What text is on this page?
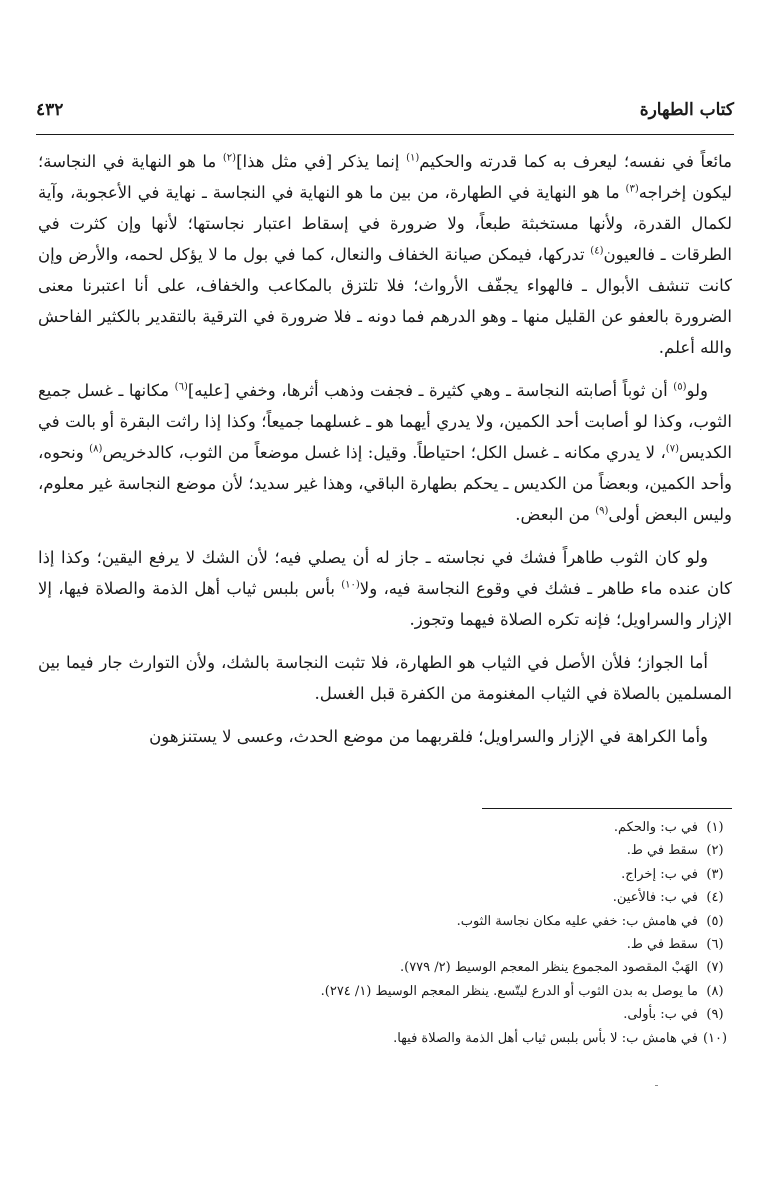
كتاب الطهارة
٤٣٢

مائعاً في نفسه؛ ليعرف به كما قدرته والحكيم$^{(١)}$ إنما يذكر [في مثل هذا]$^{(٢)}$ ما هو النهاية في النجاسة؛ ليكون إخراجه$^{(٣)}$ ما هو النهاية في الطهارة، من بين ما هو النهاية في النجاسة ـ نهاية في الأعجوبة، وآية لكمال القدرة، ولأنها مستخبثة طبعاً، ولا ضرورة في إسقاط اعتبار نجاستها؛ لأنها وإن كثرت في الطرقات ـ فالعيون$^{(٤)}$ تدركها، فيمكن صيانة الخفاف والنعال، كما في بول ما لا يؤكل لحمه، والأرض وإن كانت تنشف الأبوال ـ فالهواء يجفّف الأرواث؛ فلا تلتزق بالمكاعب والخفاف، على أنا اعتبرنا معنى الضرورة بالعفو عن القليل منها ـ وهو الدرهم فما دونه ـ فلا ضرورة في الترقية بالتقدير بالكثير الفاحش والله أعلم.

ولو$^{(٥)}$ أن ثوباً أصابته النجاسة ـ وهي كثيرة ـ فجفت وذهب أثرها، وخفي [عليه]$^{(٦)}$ مكانها ـ غسل جميع الثوب، وكذا لو أصابت أحد الكمين، ولا يدري أيهما هو ـ غسلهما جميعاً؛ وكذا إذا راثت البقرة أو بالت في الكديس$^{(٧)}$، لا يدري مكانه ـ غسل الكل؛ احتياطاً. وقيل: إذا غسل موضعاً من الثوب، كالدخريص$^{(٨)}$ ونحوه، وأحد الكمين، وبعضاً من الكديس ـ يحكم بطهارة الباقي، وهذا غير سديد؛ لأن موضع النجاسة غير معلوم، وليس البعض أولى$^{(٩)}$ من البعض.

ولو كان الثوب طاهراً فشك في نجاسته ـ جاز له أن يصلي فيه؛ لأن الشك لا يرفع اليقين؛ وكذا إذا كان عنده ماء طاهر ـ فشك في وقوع النجاسة فيه، ولا$^{(١٠)}$ بأس بلبس ثياب أهل الذمة والصلاة فيها، إلا الإزار والسراويل؛ فإنه تكره الصلاة فيهما وتجوز.

أما الجواز؛ فلأن الأصل في الثياب هو الطهارة، فلا تثبت النجاسة بالشك، ولأن التوارث جار فيما بين المسلمين بالصلاة في الثياب المغنومة من الكفرة قبل الغسل.

وأما الكراهة في الإزار والسراويل؛ فلقربهما من موضع الحدث، وعسى لا يستنزهون

(١)
في ب: والحكم.
(٢)
سقط في ط.
(٣)
في ب: إخراج.
(٤)
في ب: فالأعين.
(٥)
في هامش ب: خفي عليه مكان نجاسة الثوب.
(٦)
سقط في ط.
(٧)
الهَبْ المقصود المجموع ينظر المعجم الوسيط (٢/ ٧٧٩).
(٨)
ما يوصل به بدن الثوب أو الدرع ليتّسع. ينظر المعجم الوسيط (١/ ٢٧٤).
(٩)
في ب: بأولى.
(١٠)
في هامش ب: لا بأس بلبس ثياب أهل الذمة والصلاة فيها.
